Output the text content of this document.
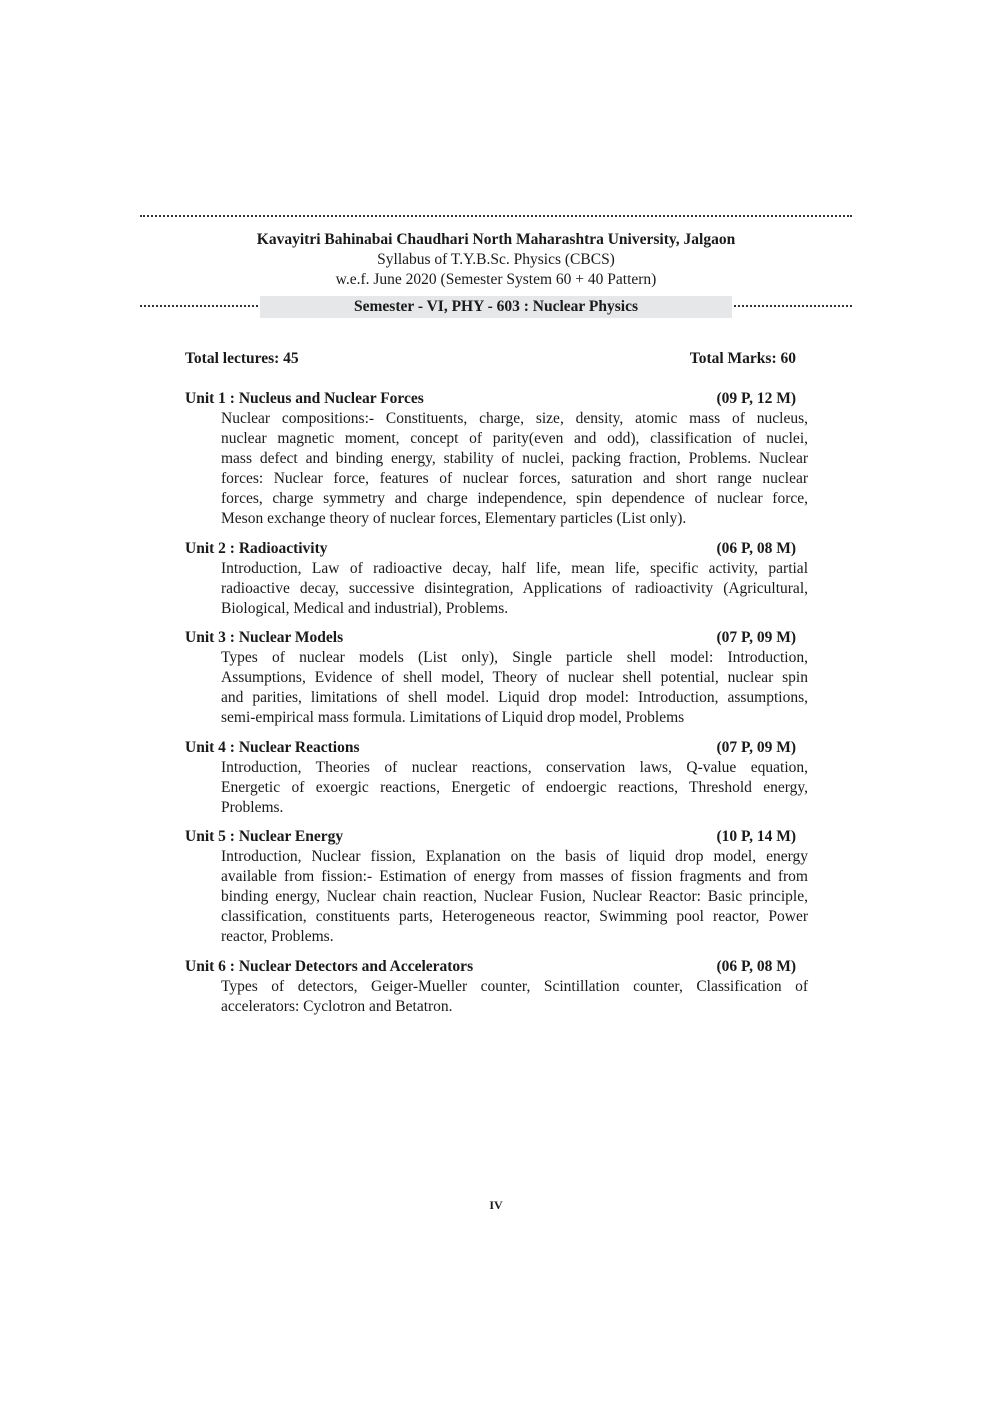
Kavayitri Bahinabai Chaudhari North Maharashtra University, Jalgaon
Syllabus of T.Y.B.Sc. Physics (CBCS)
w.e.f. June 2020 (Semester System 60 + 40 Pattern)
Semester - VI, PHY - 603 : Nuclear Physics
Total lectures: 45	Total Marks: 60
Unit 1 : Nucleus and Nuclear Forces	(09 P, 12 M)
Nuclear compositions:- Constituents, charge, size, density, atomic mass of nucleus,
nuclear magnetic moment, concept of parity(even and odd), classification of nuclei,
mass defect and binding energy, stability of nuclei, packing fraction, Problems. Nuclear
forces: Nuclear force, features of nuclear forces, saturation and short range nuclear
forces, charge symmetry and charge independence, spin dependence of nuclear force,
Meson exchange theory of nuclear forces, Elementary particles (List only).
Unit 2 : Radioactivity	(06 P, 08 M)
Introduction, Law of radioactive decay, half life, mean life, specific activity, partial
radioactive decay, successive disintegration, Applications of radioactivity (Agricultural,
Biological, Medical and industrial), Problems.
Unit 3 : Nuclear Models	(07 P, 09 M)
Types of nuclear models (List only), Single particle shell model: Introduction,
Assumptions, Evidence of shell model, Theory of nuclear shell potential, nuclear spin
and parities, limitations of shell model. Liquid drop model: Introduction, assumptions,
semi-empirical mass formula. Limitations of Liquid drop model, Problems
Unit 4 : Nuclear Reactions	(07 P, 09 M)
Introduction, Theories of nuclear reactions, conservation laws, Q-value equation,
Energetic of exoergic reactions, Energetic of endoergic reactions, Threshold energy,
Problems.
Unit 5 : Nuclear Energy	(10 P, 14 M)
Introduction, Nuclear fission, Explanation on the basis of liquid drop model, energy
available from fission:- Estimation of energy from masses of fission fragments and from
binding energy, Nuclear chain reaction, Nuclear Fusion, Nuclear Reactor: Basic principle,
classification, constituents parts, Heterogeneous reactor, Swimming pool reactor, Power
reactor, Problems.
Unit 6 : Nuclear Detectors and Accelerators	(06 P, 08 M)
Types of detectors, Geiger-Mueller counter, Scintillation counter, Classification of
accelerators: Cyclotron and Betatron.
IV
